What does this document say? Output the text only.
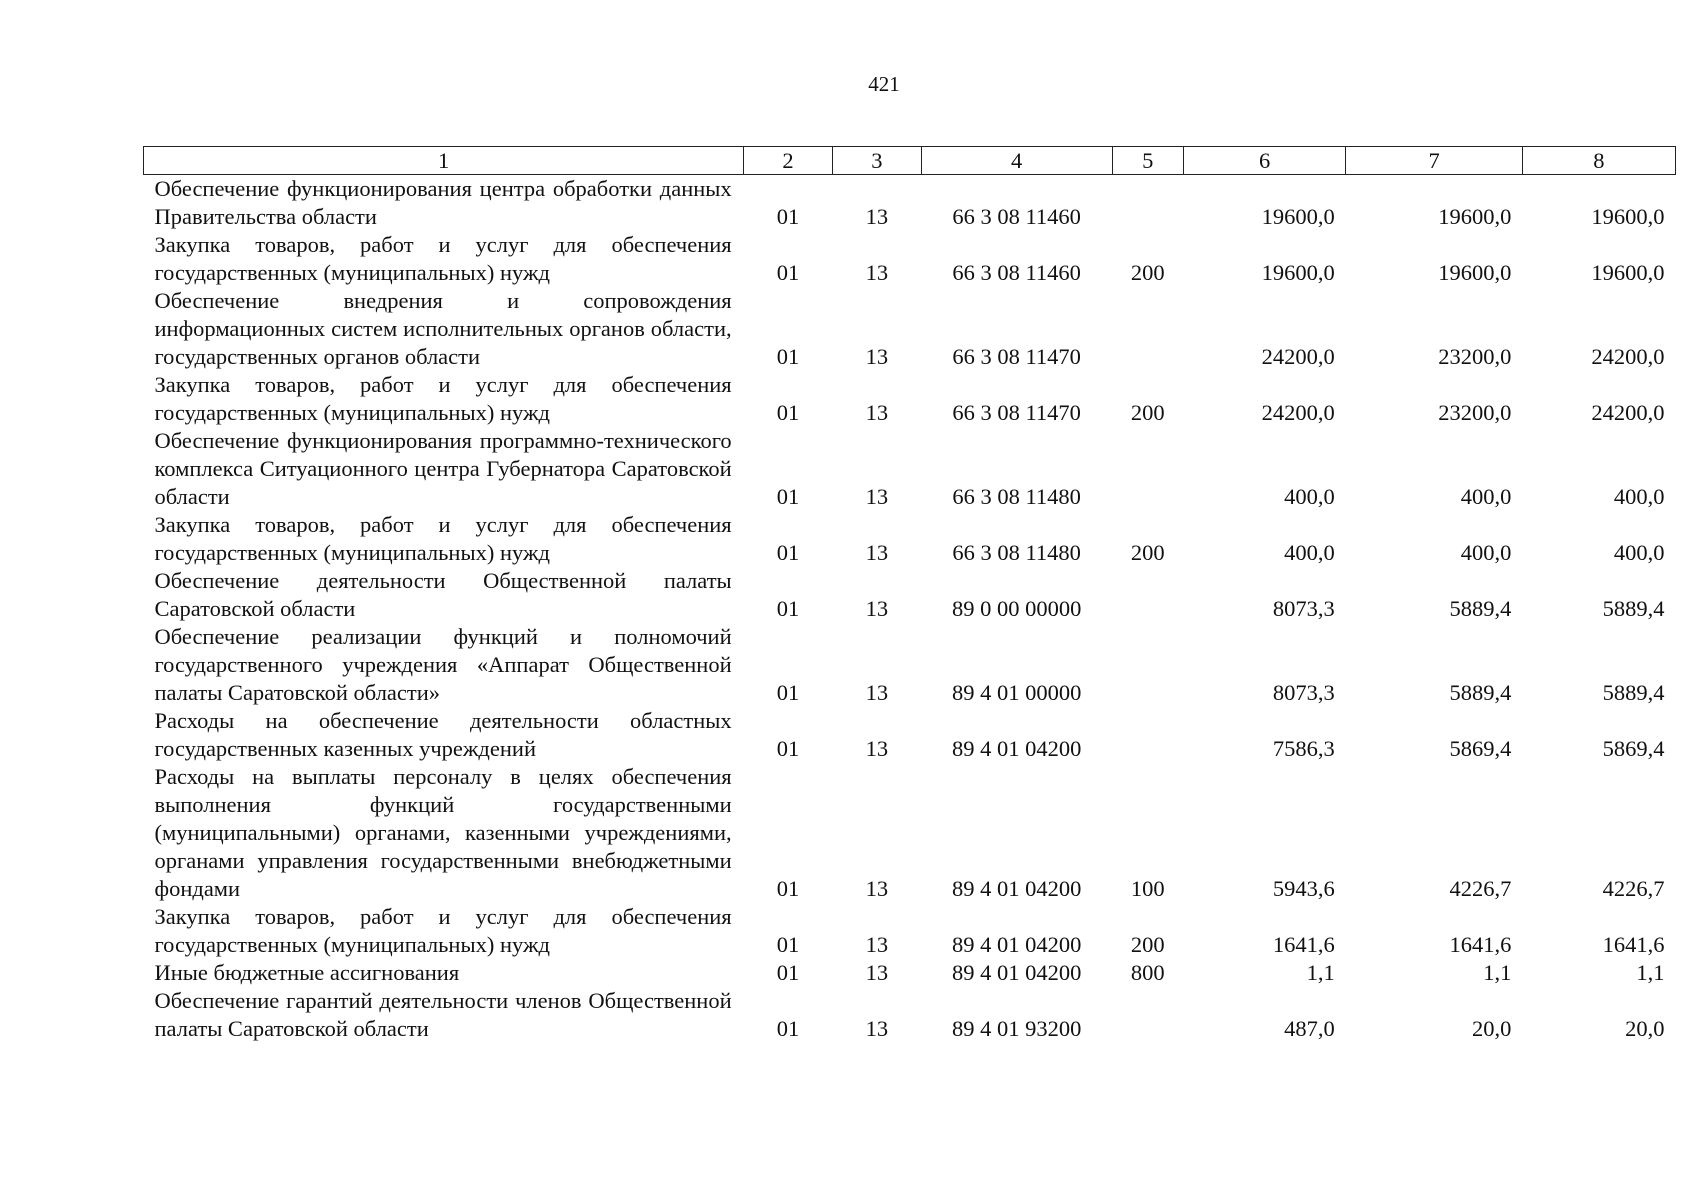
421
1	2	3	4	5	6	7	8
Обеспечение функционирования центра обработки данных Правительства области	01	13	66 3 08 11460		19600,0	19600,0	19600,0
Закупка товаров, работ и услуг для обеспечения государственных (муниципальных) нужд	01	13	66 3 08 11460	200	19600,0	19600,0	19600,0
Обеспечение внедрения и сопровождения информационных систем исполнительных органов области, государственных органов области	01	13	66 3 08 11470		24200,0	23200,0	24200,0
Закупка товаров, работ и услуг для обеспечения государственных (муниципальных) нужд	01	13	66 3 08 11470	200	24200,0	23200,0	24200,0
Обеспечение функционирования программно-технического комплекса Ситуационного центра Губернатора Саратовской области	01	13	66 3 08 11480		400,0	400,0	400,0
Закупка товаров, работ и услуг для обеспечения государственных (муниципальных) нужд	01	13	66 3 08 11480	200	400,0	400,0	400,0
Обеспечение деятельности Общественной палаты Саратовской области	01	13	89 0 00 00000		8073,3	5889,4	5889,4
Обеспечение реализации функций и полномочий государственного учреждения «Аппарат Общественной палаты Саратовской области»	01	13	89 4 01 00000		8073,3	5889,4	5889,4
Расходы на обеспечение деятельности областных государственных казенных учреждений	01	13	89 4 01 04200		7586,3	5869,4	5869,4
Расходы на выплаты персоналу в целях обеспечения выполнения функций государственными (муниципальными) органами, казенными учреждениями, органами управления государственными внебюджетными фондами	01	13	89 4 01 04200	100	5943,6	4226,7	4226,7
Закупка товаров, работ и услуг для обеспечения государственных (муниципальных) нужд	01	13	89 4 01 04200	200	1641,6	1641,6	1641,6
Иные бюджетные ассигнования	01	13	89 4 01 04200	800	1,1	1,1	1,1
Обеспечение гарантий деятельности членов Общественной палаты Саратовской области	01	13	89 4 01 93200		487,0	20,0	20,0
